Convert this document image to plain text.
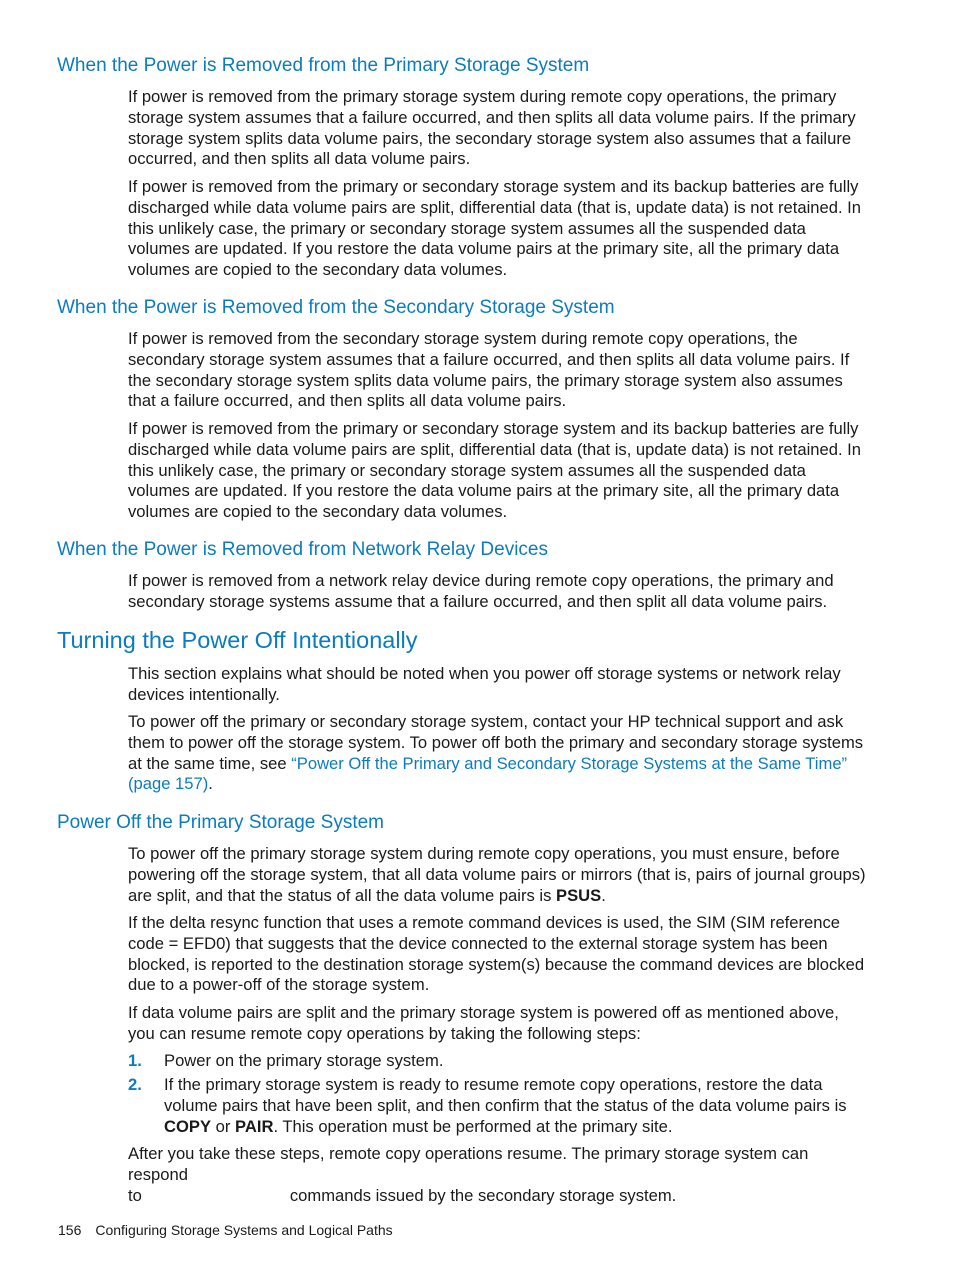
When the Power is Removed from the Primary Storage System

If power is removed from the primary storage system during remote copy operations, the primary storage system assumes that a failure occurred, and then splits all data volume pairs. If the primary storage system splits data volume pairs, the secondary storage system also assumes that a failure occurred, and then splits all data volume pairs.

If power is removed from the primary or secondary storage system and its backup batteries are fully discharged while data volume pairs are split, differential data (that is, update data) is not retained. In this unlikely case, the primary or secondary storage system assumes all the suspended data volumes are updated. If you restore the data volume pairs at the primary site, all the primary data volumes are copied to the secondary data volumes.

When the Power is Removed from the Secondary Storage System

If power is removed from the secondary storage system during remote copy operations, the secondary storage system assumes that a failure occurred, and then splits all data volume pairs. If the secondary storage system splits data volume pairs, the primary storage system also assumes that a failure occurred, and then splits all data volume pairs.

If power is removed from the primary or secondary storage system and its backup batteries are fully discharged while data volume pairs are split, differential data (that is, update data) is not retained. In this unlikely case, the primary or secondary storage system assumes all the suspended data volumes are updated. If you restore the data volume pairs at the primary site, all the primary data volumes are copied to the secondary data volumes.

When the Power is Removed from Network Relay Devices

If power is removed from a network relay device during remote copy operations, the primary and secondary storage systems assume that a failure occurred, and then split all data volume pairs.

Turning the Power Off Intentionally

This section explains what should be noted when you power off storage systems or network relay devices intentionally.

To power off the primary or secondary storage system, contact your HP technical support and ask them to power off the storage system. To power off both the primary and secondary storage systems at the same time, see “Power Off the Primary and Secondary Storage Systems at the Same Time” (page 157).

Power Off the Primary Storage System

To power off the primary storage system during remote copy operations, you must ensure, before powering off the storage system, that all data volume pairs or mirrors (that is, pairs of journal groups) are split, and that the status of all the data volume pairs is PSUS.

If the delta resync function that uses a remote command devices is used, the SIM (SIM reference code = EFD0) that suggests that the device connected to the external storage system has been blocked, is reported to the destination storage system(s) because the command devices are blocked due to a power-off of the storage system.

If data volume pairs are split and the primary storage system is powered off as mentioned above, you can resume remote copy operations by taking the following steps:

1. Power on the primary storage system.
2. If the primary storage system is ready to resume remote copy operations, restore the data volume pairs that have been split, and then confirm that the status of the data volume pairs is COPY or PAIR. This operation must be performed at the primary site.

After you take these steps, remote copy operations resume. The primary storage system can respond
to	commands issued by the secondary storage system.

156 Configuring Storage Systems and Logical Paths
